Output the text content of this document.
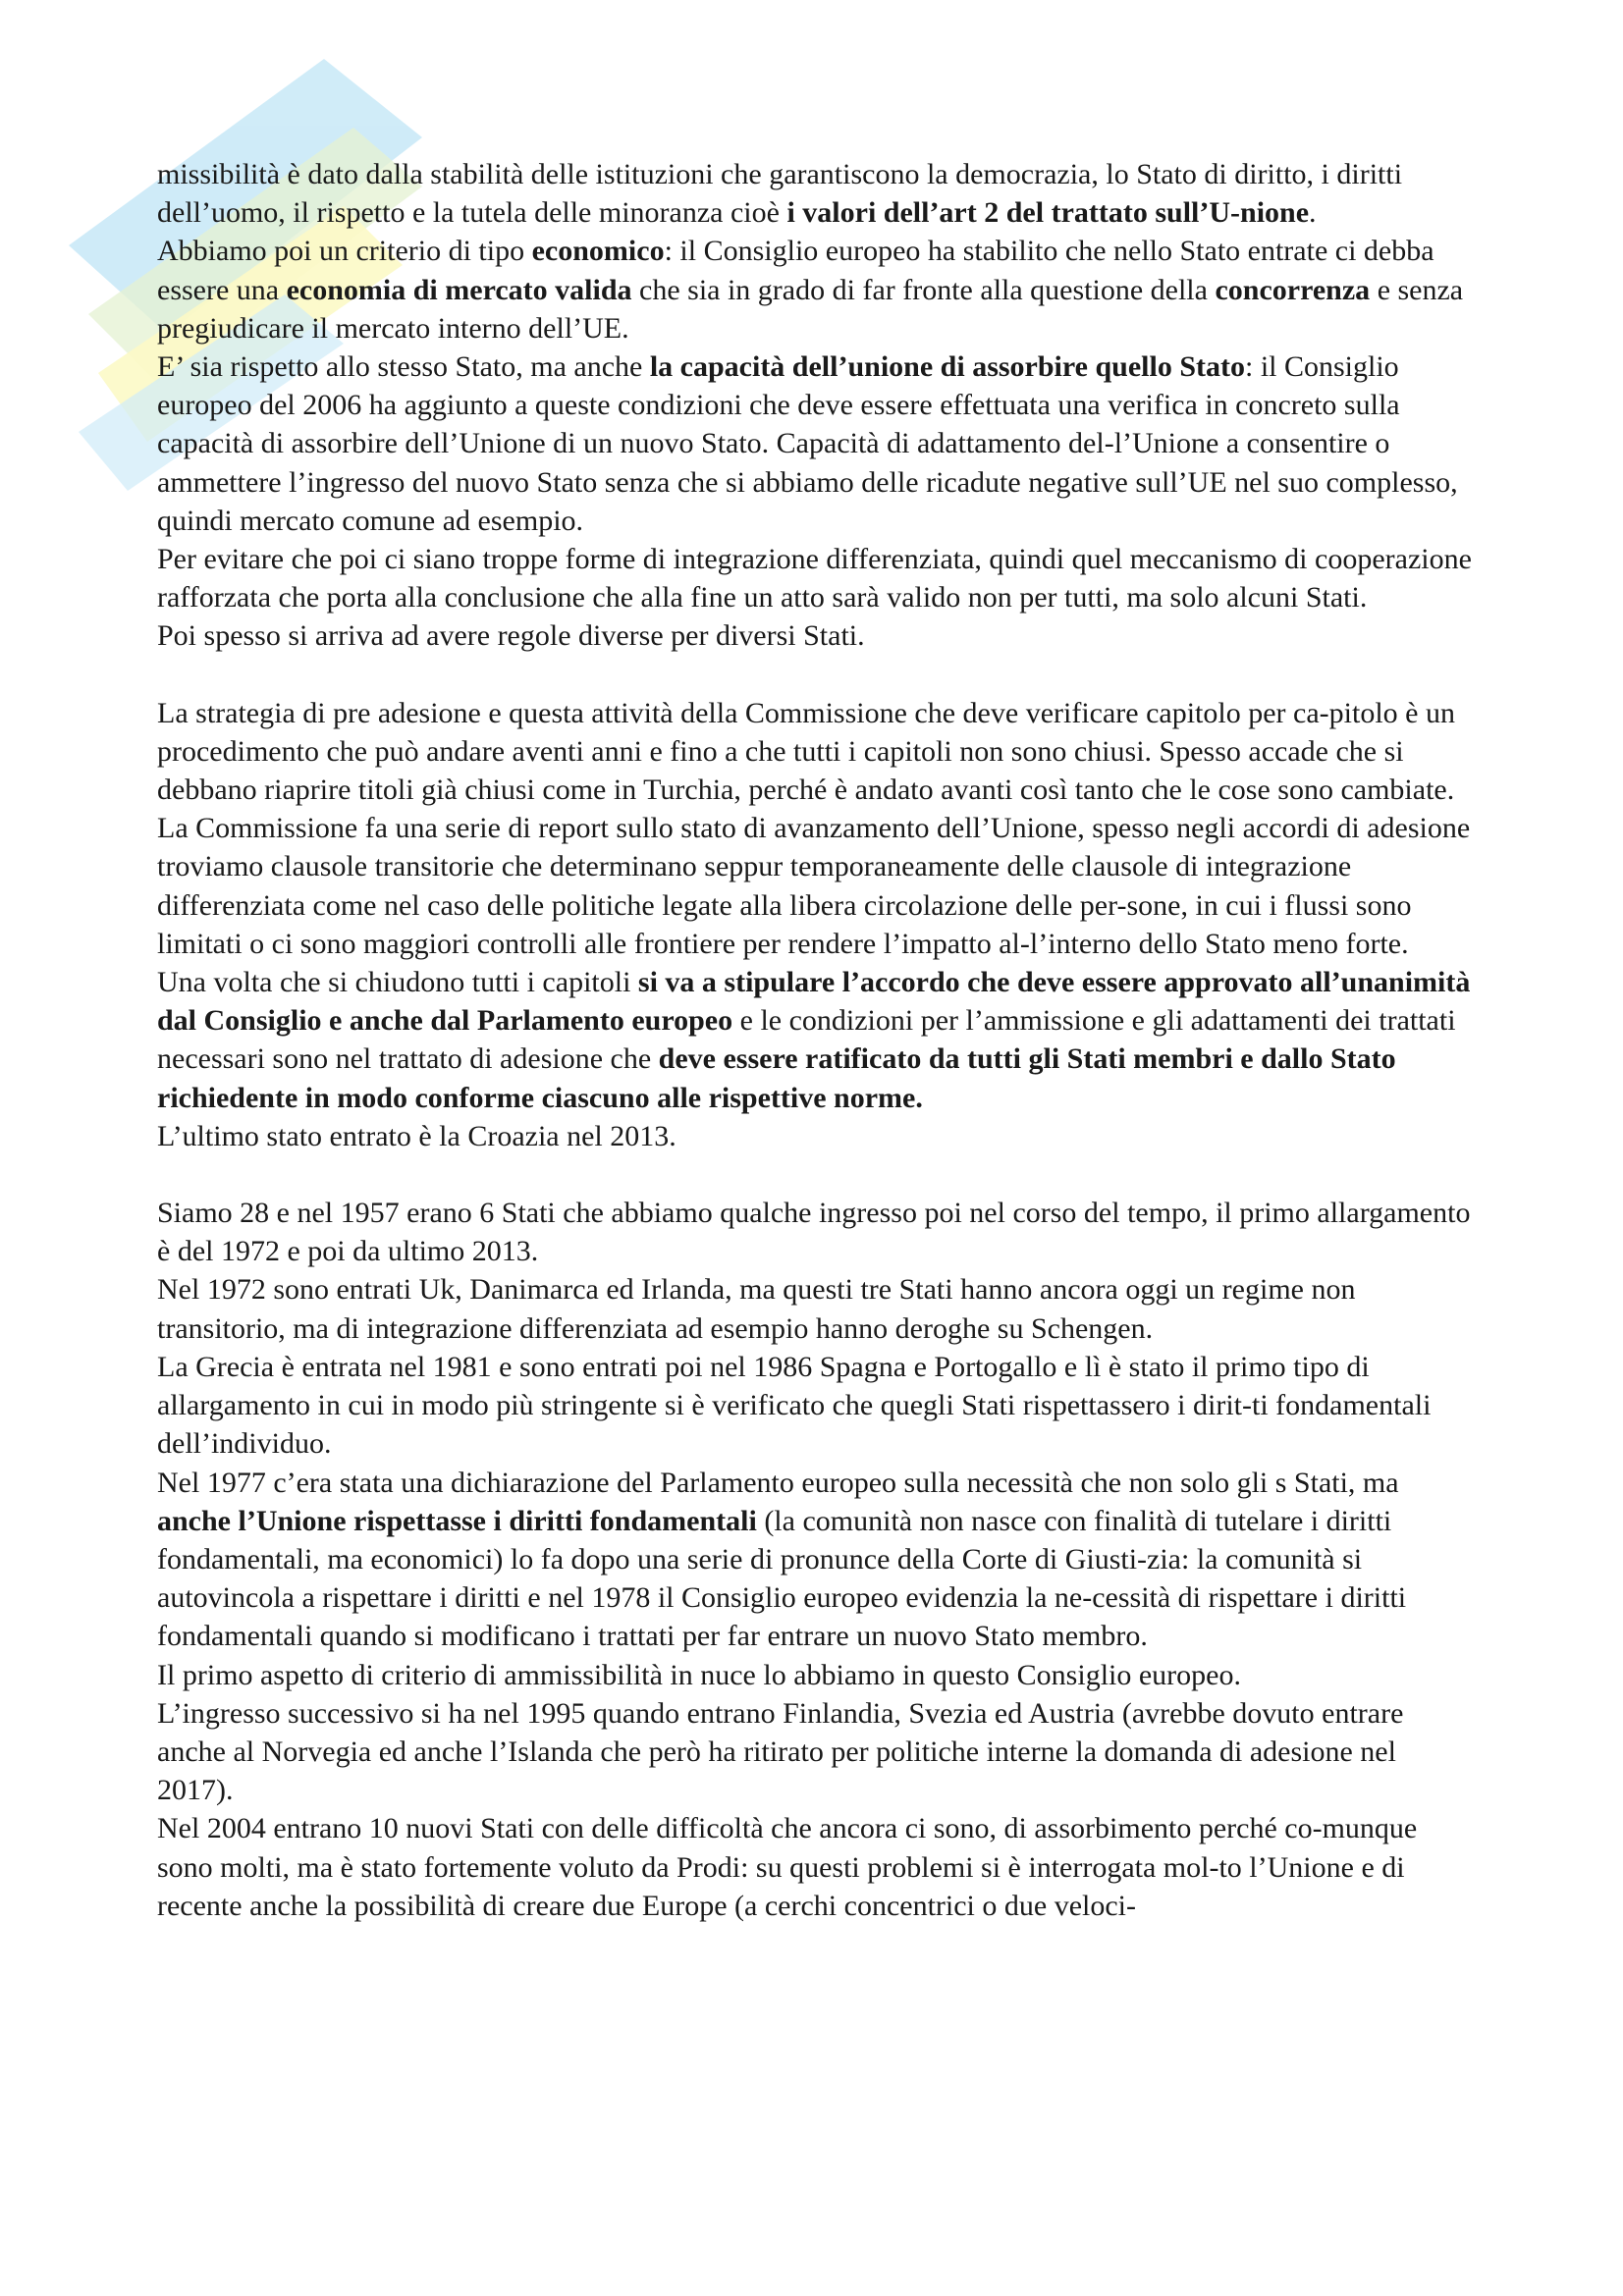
missibilità è dato dalla stabilità delle istituzioni che garantiscono la democrazia, lo Stato di diritto, i diritti dell’uomo, il rispetto e la tutela delle minoranza cioè i valori dell’art 2 del trattato sull’U-nione.

Abbiamo poi un criterio di tipo economico: il Consiglio europeo ha stabilito che nello Stato entrate ci debba essere una economia di mercato valida che sia in grado di far fronte alla questione della concorrenza e senza pregiudicare il mercato interno dell’UE.

E’ sia rispetto allo stesso Stato, ma anche la capacità dell’unione di assorbire quello Stato: il Consiglio europeo del 2006 ha aggiunto a queste condizioni che deve essere effettuata una verifica in concreto sulla capacità di assorbire dell’Unione di un nuovo Stato. Capacità di adattamento del-l’Unione a consentire o ammettere l’ingresso del nuovo Stato senza che si abbiamo delle ricadute negative sull’UE nel suo complesso, quindi mercato comune ad esempio.

Per evitare che poi ci siano troppe forme di integrazione differenziata, quindi quel meccanismo di cooperazione rafforzata che porta alla conclusione che alla fine un atto sarà valido non per tutti, ma solo alcuni Stati.

Poi spesso si arriva ad avere regole diverse per diversi Stati.

La strategia di pre adesione e questa attività della Commissione che deve verificare capitolo per ca-pitolo è un procedimento che può andare aventi anni e fino a che tutti i capitoli non sono chiusi. Spesso accade che si debbano riaprire titoli già chiusi come in Turchia, perché è andato avanti così tanto che le cose sono cambiate.

La Commissione fa una serie di report sullo stato di avanzamento dell’Unione, spesso negli accordi di adesione troviamo clausole transitorie che determinano seppur temporaneamente delle clausole di integrazione differenziata come nel caso delle politiche legate alla libera circolazione delle per-sone, in cui i flussi sono limitati o ci sono maggiori controlli alle frontiere per rendere l’impatto al-l’interno dello Stato meno forte.

Una volta che si chiudono tutti i capitoli si va a stipulare l’accordo che deve essere approvato all’unanimità dal Consiglio e anche dal Parlamento europeo e le condizioni per l’ammissione e gli adattamenti dei trattati necessari sono nel trattato di adesione che deve essere ratificato da tutti gli Stati membri e dallo Stato richiedente in modo conforme ciascuno alle rispettive norme.

L’ultimo stato entrato è la Croazia nel 2013.

Siamo 28 e nel 1957 erano 6 Stati che abbiamo qualche ingresso poi nel corso del tempo, il primo allargamento è del 1972 e poi da ultimo 2013.

Nel 1972 sono entrati Uk, Danimarca ed Irlanda, ma questi tre Stati hanno ancora oggi un regime non transitorio, ma di integrazione differenziata ad esempio hanno deroghe su Schengen.

La Grecia è entrata nel 1981 e sono entrati poi nel 1986 Spagna e Portogallo e lì è stato il primo tipo di allargamento in cui in modo più stringente si è verificato che quegli Stati rispettassero i dirit-ti fondamentali dell’individuo.

Nel 1977 c’era stata una dichiarazione del Parlamento europeo sulla necessità che non solo gli s Stati, ma anche l’Unione rispettasse i diritti fondamentali (la comunità non nasce con finalità di tutelare i diritti fondamentali, ma economici) lo fa dopo una serie di pronunce della Corte di Giusti-zia: la comunità si autovincola a rispettare i diritti e nel 1978 il Consiglio europeo evidenzia la ne-cessità di rispettare i diritti fondamentali quando si modificano i trattati per far entrare un nuovo Stato membro.

Il primo aspetto di criterio di ammissibilità in nuce lo abbiamo in questo Consiglio europeo.

L’ingresso successivo si ha nel 1995 quando entrano Finlandia, Svezia ed Austria (avrebbe dovuto entrare anche al Norvegia ed anche l’Islanda che però ha ritirato per politiche interne la domanda di adesione nel 2017).

Nel 2004 entrano 10 nuovi Stati con delle difficoltà che ancora ci sono, di assorbimento perché co-munque sono molti, ma è stato fortemente voluto da Prodi: su questi problemi si è interrogata mol-to l’Unione e di recente anche la possibilità di creare due Europe (a cerchi concentrici o due veloci-
